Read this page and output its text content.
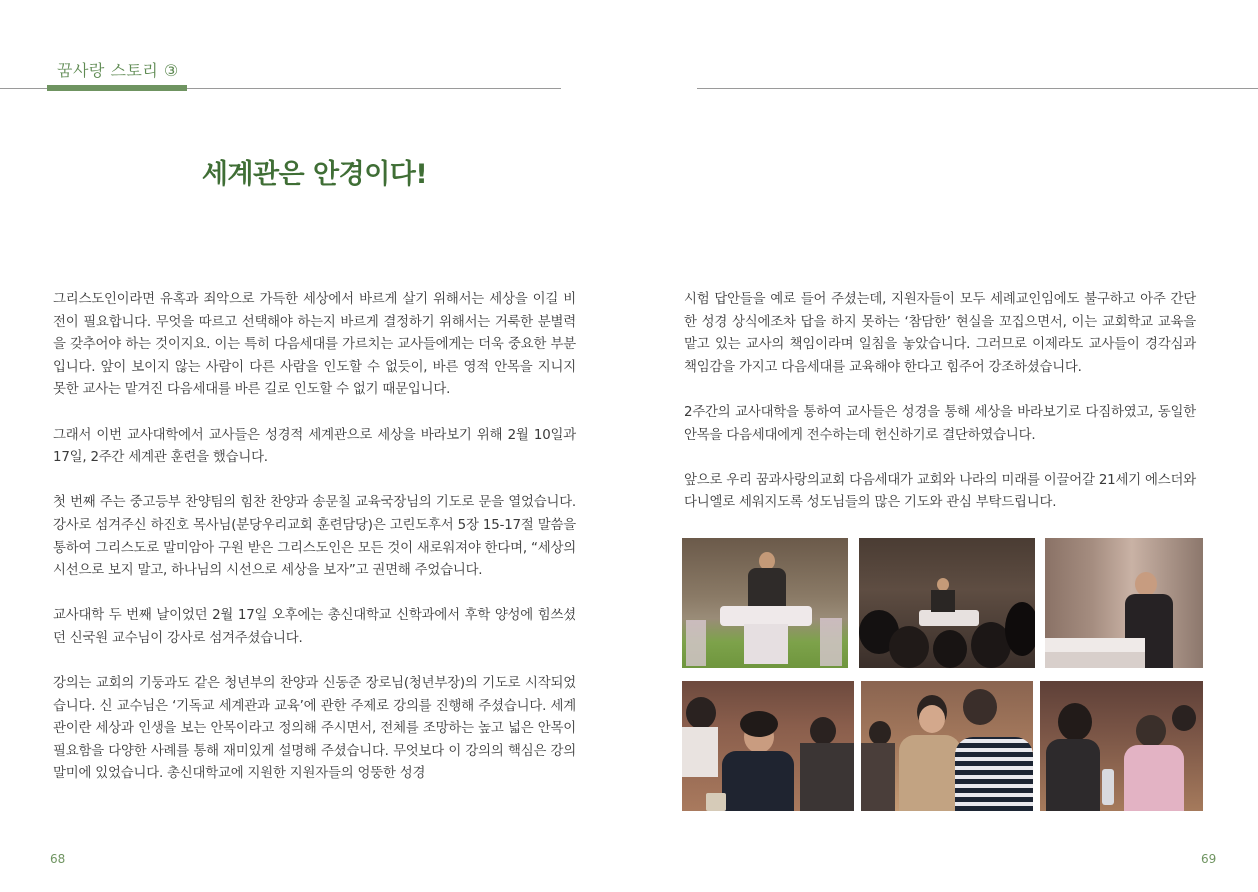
꿈사랑 스토리 ③
세계관은 안경이다!

그리스도인이라면 유혹과 죄악으로 가득한 세상에서 바르게 살기 위해서는 세상을 이길 비전이 필요합니다. 무엇을 따르고 선택해야 하는지 바르게 결정하기 위해서는 거룩한 분별력을 갖추어야 하는 것이지요. 이는 특히 다음세대를 가르치는 교사들에게는 더욱 중요한 부분입니다. 앞이 보이지 않는 사람이 다른 사람을 인도할 수 없듯이, 바른 영적 안목을 지니지 못한 교사는 맡겨진 다음세대를 바른 길로 인도할 수 없기 때문입니다.

그래서 이번 교사대학에서 교사들은 성경적 세계관으로 세상을 바라보기 위해 2월 10일과 17일, 2주간 세계관 훈련을 했습니다.

첫 번째 주는 중고등부 찬양팀의 힘찬 찬양과 송문칠 교육국장님의 기도로 문을 열었습니다. 강사로 섬겨주신 하진호 목사님(분당우리교회 훈련담당)은 고린도후서 5장 15-17절 말씀을 통하여 그리스도로 말미암아 구원 받은 그리스도인은 모든 것이 새로워져야 한다며, “세상의 시선으로 보지 말고, 하나님의 시선으로 세상을 보자”고 권면해 주었습니다.

교사대학 두 번째 날이었던 2월 17일 오후에는 총신대학교 신학과에서 후학 양성에 힘쓰셨던 신국원 교수님이 강사로 섬겨주셨습니다.

강의는 교회의 기둥과도 같은 청년부의 찬양과 신동준 장로님(청년부장)의 기도로 시작되었습니다. 신 교수님은 ‘기독교 세계관과 교육’에 관한 주제로 강의를 진행해 주셨습니다. 세계관이란 세상과 인생을 보는 안목이라고 정의해 주시면서, 전체를 조망하는 높고 넓은 안목이 필요함을 다양한 사례를 통해 재미있게 설명해 주셨습니다. 무엇보다 이 강의의 핵심은 강의 말미에 있었습니다. 총신대학교에 지원한 지원자들의 엉뚱한 성경

68

시험 답안들을 예로 들어 주셨는데, 지원자들이 모두 세례교인임에도 불구하고 아주 간단한 성경 상식에조차 답을 하지 못하는 ‘참담한’ 현실을 꼬집으면서, 이는 교회학교 교육을 맡고 있는 교사의 책임이라며 일침을 놓았습니다. 그러므로 이제라도 교사들이 경각심과 책임감을 가지고 다음세대를 교육해야 한다고 힘주어 강조하셨습니다.

2주간의 교사대학을 통하여 교사들은 성경을 통해 세상을 바라보기로 다짐하였고, 동일한 안목을 다음세대에게 전수하는데 헌신하기로 결단하였습니다.

앞으로 우리 꿈과사랑의교회 다음세대가 교회와 나라의 미래를 이끌어갈 21세기 에스더와 다니엘로 세워지도록 성도님들의 많은 기도와 관심 부탁드립니다.

69
